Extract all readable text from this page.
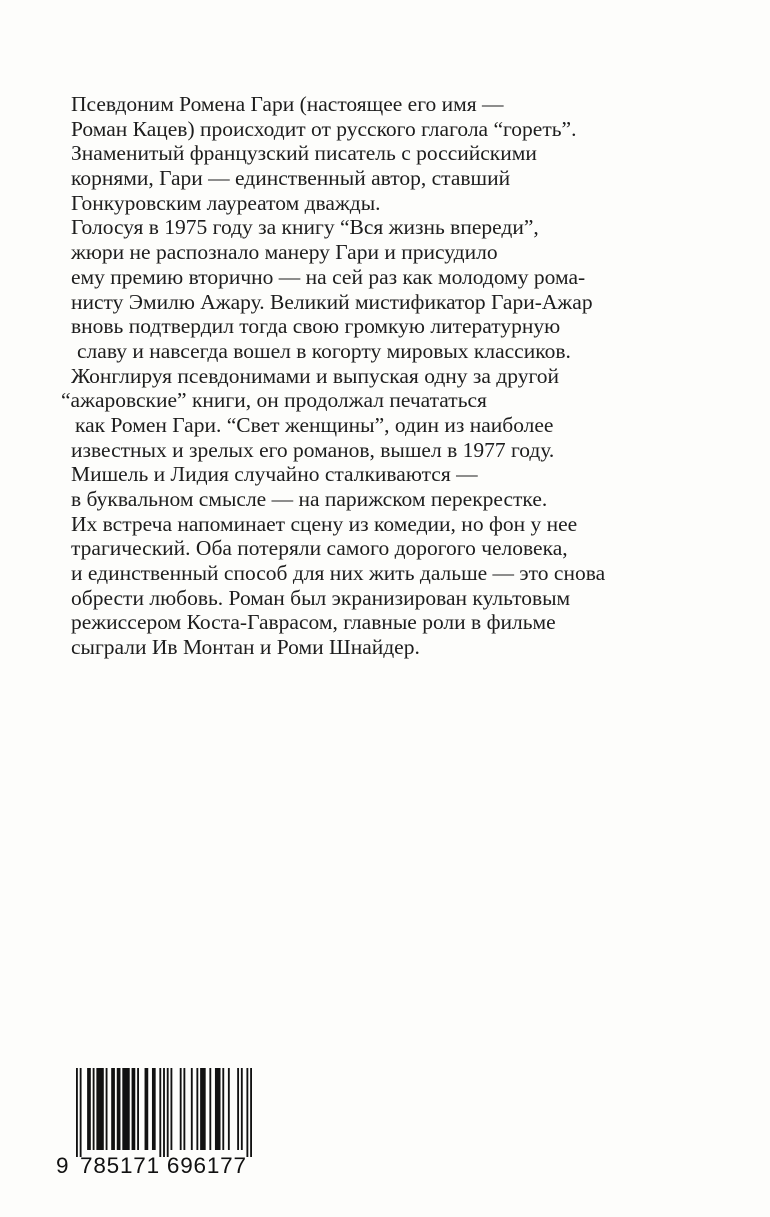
Псевдоним Ромена Гари (настоящее его имя —
Роман Кацев) происходит от русского глагола “гореть”.
Знаменитый французский писатель с российскими
корнями, Гари — единственный автор, ставший
Гонкуровским лауреатом дважды.
Голосуя в 1975 году за книгу “Вся жизнь впереди”,
жюри не распознало манеру Гари и присудило
ему премию вторично — на сей раз как молодому рома-
нисту Эмилю Ажару. Великий мистификатор Гари-Ажар
вновь подтвердил тогда свою громкую литературную
славу и навсегда вошел в когорту мировых классиков.
Жонглируя псевдонимами и выпуская одну за другой
“ажаровские” книги, он продолжал печататься
как Ромен Гари. “Свет женщины”, один из наиболее
известных и зрелых его романов, вышел в 1977 году.
Мишель и Лидия случайно сталкиваются —
в буквальном смысле — на парижском перекрестке.
Их встреча напоминает сцену из комедии, но фон у нее
трагический. Оба потеряли самого дорогого человека,
и единственный способ для них жить дальше — это снова
обрести любовь. Роман был экранизирован культовым
режиссером Коста-Гаврасом, главные роли в фильме
сыграли Ив Монтан и Роми Шнайдер.
9 785171 696177
